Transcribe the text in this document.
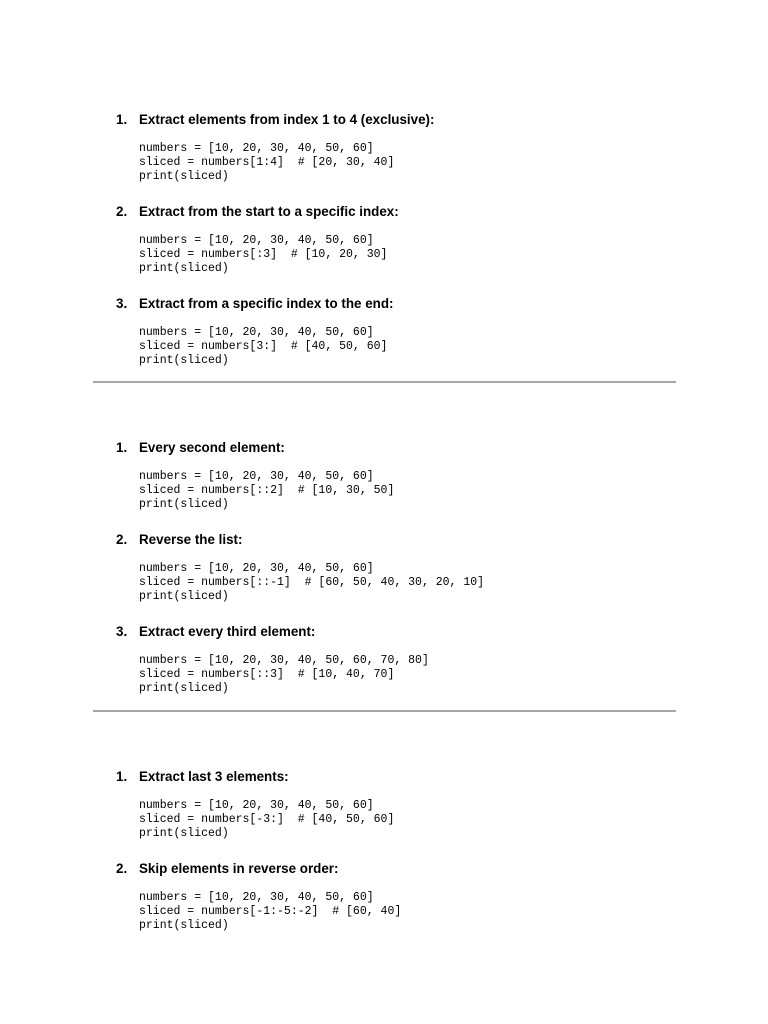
1. Extract elements from index 1 to 4 (exclusive):
numbers = [10, 20, 30, 40, 50, 60]
sliced = numbers[1:4]  # [20, 30, 40]
print(sliced)
2. Extract from the start to a specific index:
numbers = [10, 20, 30, 40, 50, 60]
sliced = numbers[:3]  # [10, 20, 30]
print(sliced)
3. Extract from a specific index to the end:
numbers = [10, 20, 30, 40, 50, 60]
sliced = numbers[3:]  # [40, 50, 60]
print(sliced)
1. Every second element:
numbers = [10, 20, 30, 40, 50, 60]
sliced = numbers[::2]  # [10, 30, 50]
print(sliced)
2. Reverse the list:
numbers = [10, 20, 30, 40, 50, 60]
sliced = numbers[::-1]  # [60, 50, 40, 30, 20, 10]
print(sliced)
3. Extract every third element:
numbers = [10, 20, 30, 40, 50, 60, 70, 80]
sliced = numbers[::3]  # [10, 40, 70]
print(sliced)
1. Extract last 3 elements:
numbers = [10, 20, 30, 40, 50, 60]
sliced = numbers[-3:]  # [40, 50, 60]
print(sliced)
2. Skip elements in reverse order:
numbers = [10, 20, 30, 40, 50, 60]
sliced = numbers[-1:-5:-2]  # [60, 40]
print(sliced)
